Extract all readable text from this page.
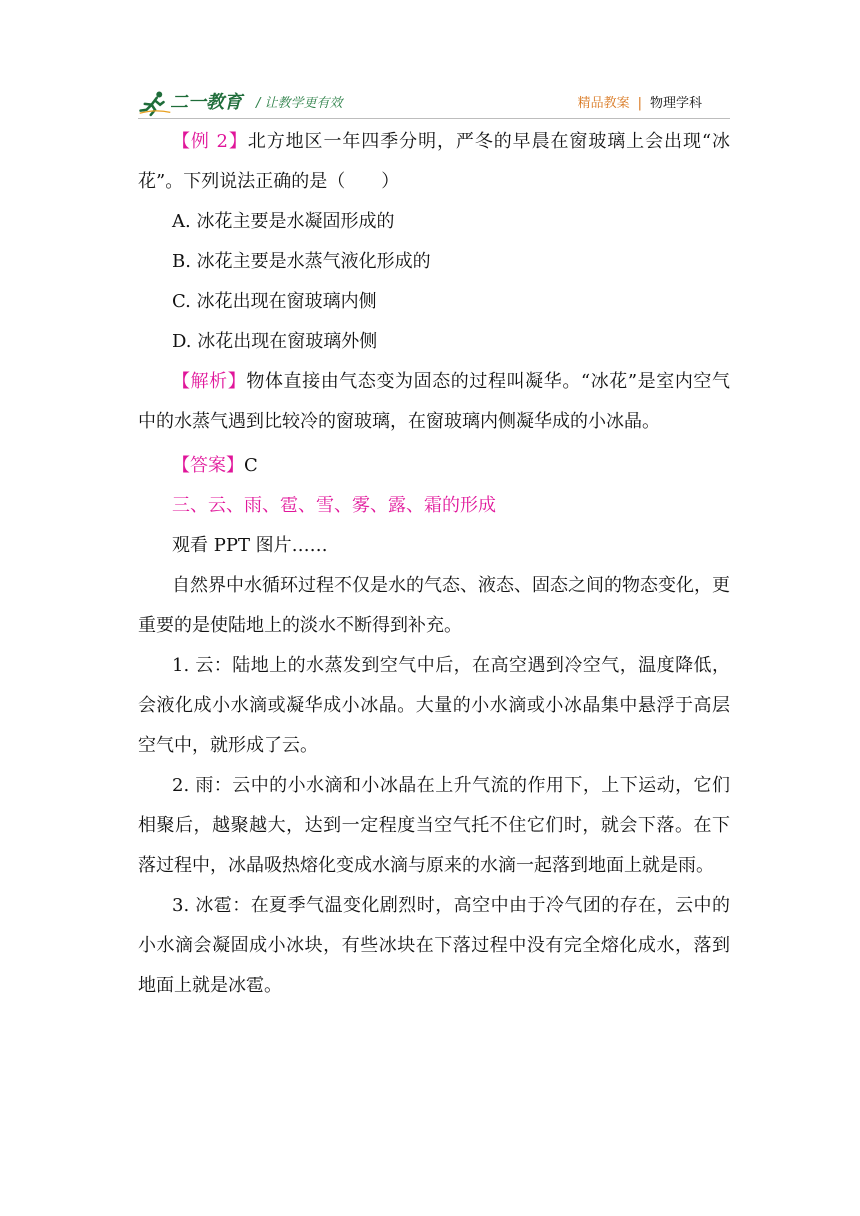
二一教育 / 让教学更有效	精品教案 | 物理学科

【例 2】北方地区一年四季分明，严冬的早晨在窗玻璃上会出现“冰花”。下列说法正确的是（　　）

A. 冰花主要是水凝固形成的

B. 冰花主要是水蒸气液化形成的

C. 冰花出现在窗玻璃内侧

D. 冰花出现在窗玻璃外侧

【解析】物体直接由气态变为固态的过程叫凝华。“冰花”是室内空气中的水蒸气遇到比较冷的窗玻璃，在窗玻璃内侧凝华成的小冰晶。

【答案】C

三、云、雨、雹、雪、雾、露、霜的形成

观看 PPT 图片……

自然界中水循环过程不仅是水的气态、液态、固态之间的物态变化，更重要的是使陆地上的淡水不断得到补充。

1. 云：陆地上的水蒸发到空气中后，在高空遇到冷空气，温度降低，会液化成小水滴或凝华成小冰晶。大量的小水滴或小冰晶集中悬浮于高层空气中，就形成了云。

2. 雨：云中的小水滴和小冰晶在上升气流的作用下，上下运动，它们相聚后，越聚越大，达到一定程度当空气托不住它们时，就会下落。在下落过程中，冰晶吸热熔化变成水滴与原来的水滴一起落到地面上就是雨。

3. 冰雹：在夏季气温变化剧烈时，高空中由于冷气团的存在，云中的小水滴会凝固成小冰块，有些冰块在下落过程中没有完全熔化成水，落到地面上就是冰雹。
